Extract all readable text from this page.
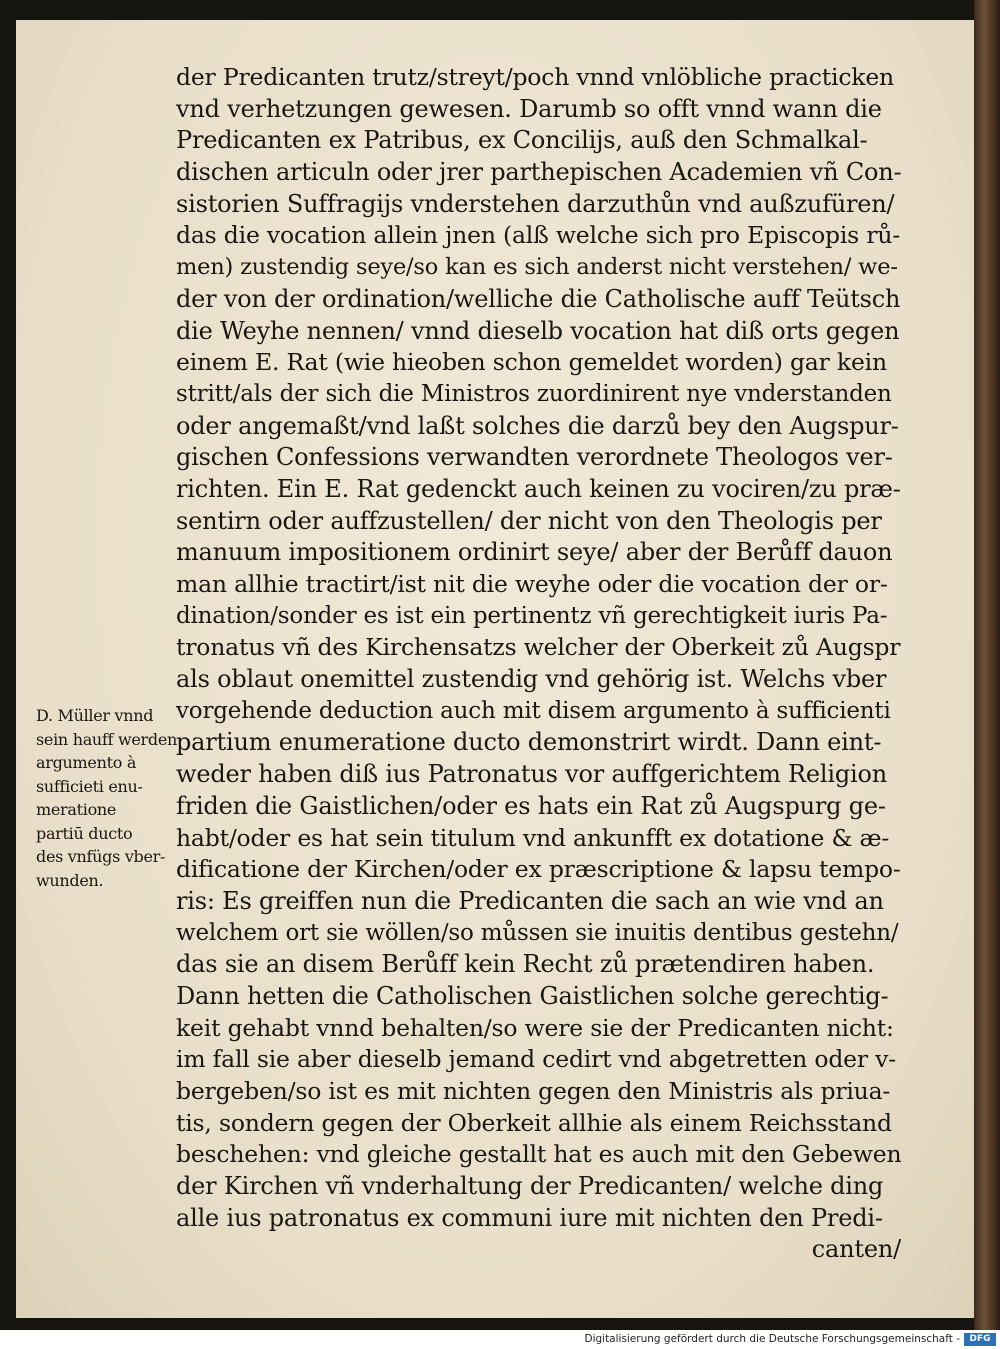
der Predicanten trutz/streyt/poch vnnd vnlöbliche practicken
vnd verhetzungen gewesen. Darumb so offt vnnd wann die
Predicanten ex Patribus, ex Concilijs, auß den Schmalkal-
dischen articuln oder jrer parthepischen Academien vñ Con-
sistorien Suffragijs vnderstehen darzuthůn vnd außzufüren/
das die vocation allein jnen (alß welche sich pro Episcopis rů-
men) zustendig seye/so kan es sich anderst nicht verstehen/ we-
der von der ordination/welliche die Catholische auff Teütsch
die Weyhe nennen/ vnnd dieselb vocation hat diß orts gegen
einem E. Rat (wie hieoben schon gemeldet worden) gar kein
stritt/als der sich die Ministros zuordinirent nye vnderstanden
oder angemaßt/vnd laßt solches die darzů bey den Augspur-
gischen Confessions verwandten verordnete Theologos ver-
richten. Ein E. Rat gedenckt auch keinen zu vociren/zu præ-
sentirn oder auffzustellen/ der nicht von den Theologis per
manuum impositionem ordinirt seye/ aber der Berůff dauon
man allhie tractirt/ist nit die weyhe oder die vocation der or-
dination/sonder es ist ein pertinentz vñ gerechtigkeit iuris Pa-
tronatus vñ des Kirchensatzs welcher der Oberkeit zů Augspr
als oblaut onemittel zustendig vnd gehörig ist. Welchs vber
vorgehende deduction auch mit disem argumento à sufficienti
partium enumeratione ducto demonstrirt wirdt. Dann eint-
weder haben diß ius Patronatus vor auffgerichtem Religion
friden die Gaistlichen/oder es hats ein Rat zů Augspurg ge-
habt/oder es hat sein titulum vnd ankunfft ex dotatione & æ-
dificatione der Kirchen/oder ex præscriptione & lapsu tempo-
ris: Es greiffen nun die Predicanten die sach an wie vnd an
welchem ort sie wöllen/so můssen sie inuitis dentibus gestehn/
das sie an disem Berůff kein Recht zů prætendiren haben.
Dann hetten die Catholischen Gaistlichen solche gerechtig-
keit gehabt vnnd behalten/so were sie der Predicanten nicht:
im fall sie aber dieselb jemand cedirt vnd abgetretten oder v-
bergeben/so ist es mit nichten gegen den Ministris als priua-
tis, sondern gegen der Oberkeit allhie als einem Reichsstand
beschehen: vnd gleiche gestallt hat es auch mit den Gebewen
der Kirchen vñ vnderhaltung der Predicanten/ welche ding
alle ius patronatus ex communi iure mit nichten den Predi-
canten/
D. Müller vnnd
sein hauff werden
argumento à
sufficieti enu-
meratione
partiū ducto
des vnfügs vber-
wunden.
Digitalisierung gefördert durch die Deutsche Forschungsgemeinschaft -	DFG
